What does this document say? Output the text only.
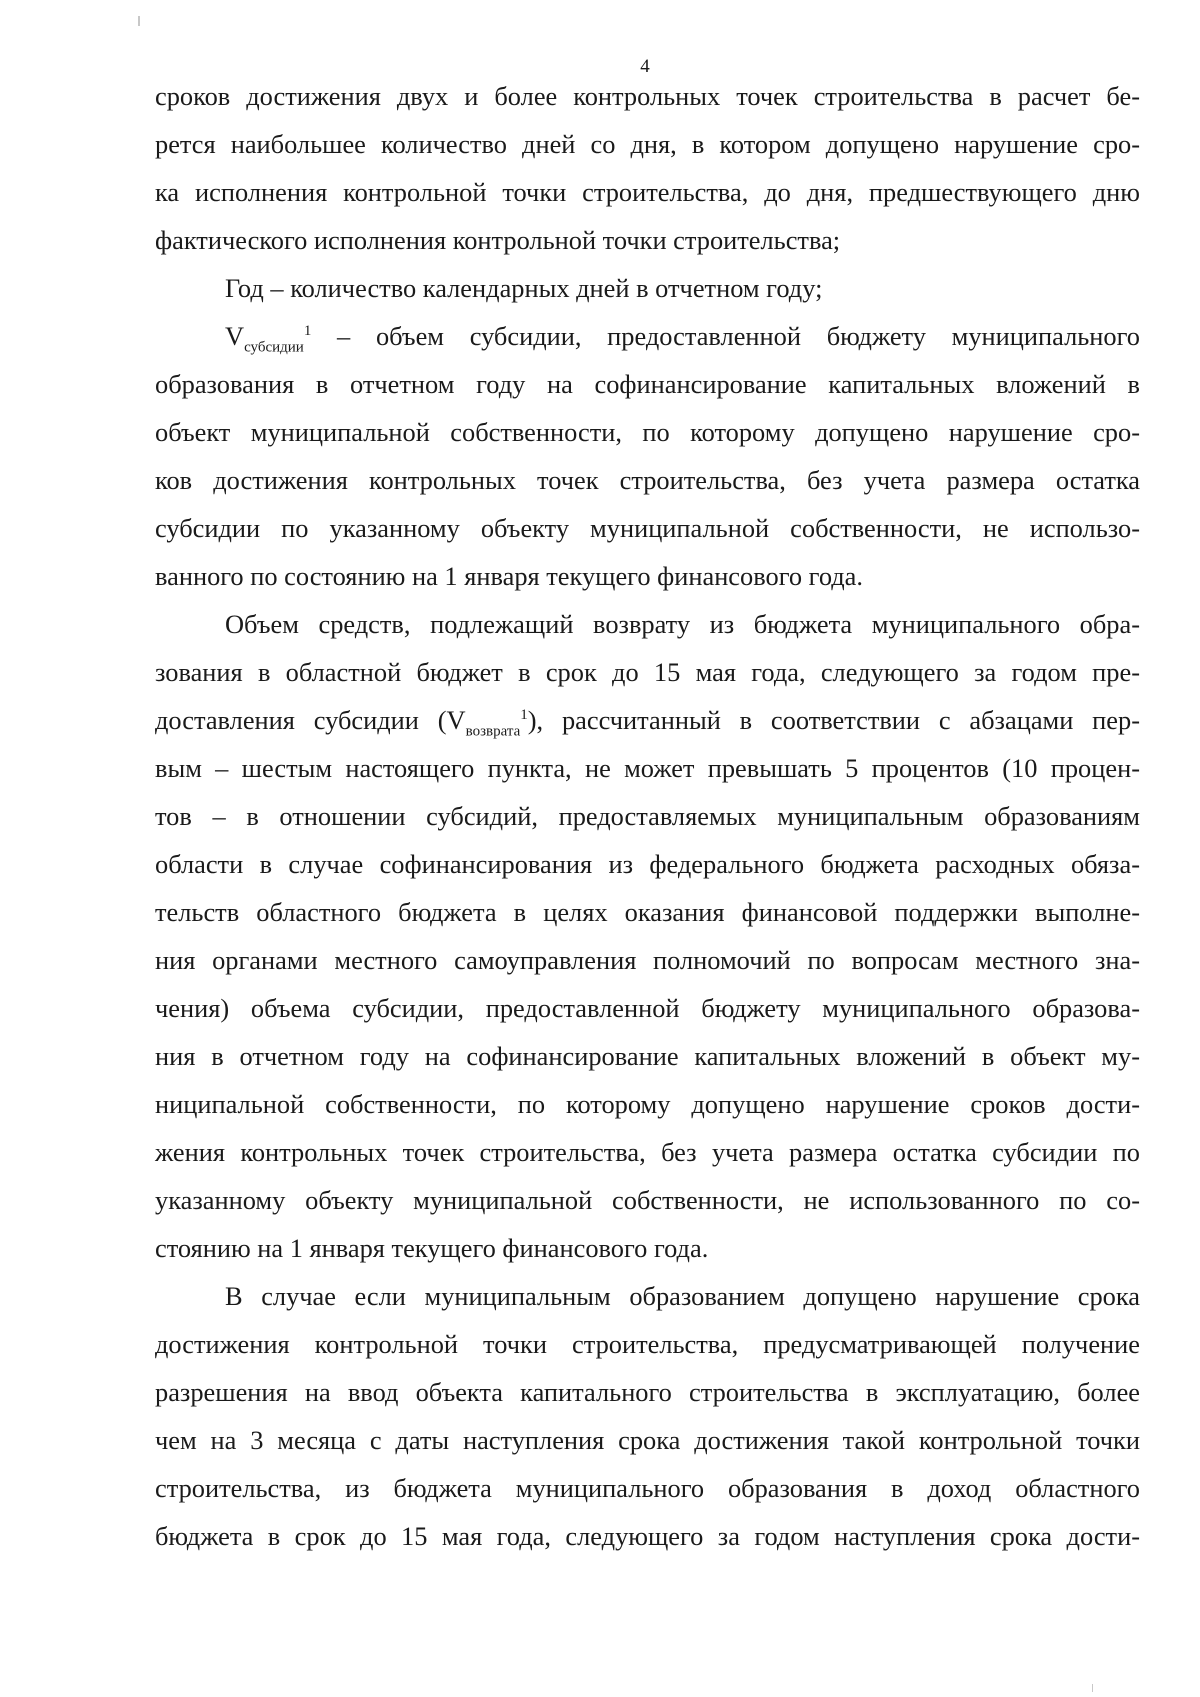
4

сроков достижения двух и более контрольных точек строительства в расчет бе-
рется наибольшее количество дней со дня, в котором допущено нарушение сро-
ка исполнения контрольной точки строительства, до дня, предшествующего дню
фактического исполнения контрольной точки строительства;

Год – количество календарных дней в отчетном году;

$V_{субсидии}^1$ – объем субсидии, предоставленной бюджету муниципального
образования в отчетном году на софинансирование капитальных вложений в
объект муниципальной собственности, по которому допущено нарушение сро-
ков достижения контрольных точек строительства, без учета размера остатка
субсидии по указанному объекту муниципальной собственности, не использо-
ванного по состоянию на 1 января текущего финансового года.

Объем средств, подлежащий возврату из бюджета муниципального обра-
зования в областной бюджет в срок до 15 мая года, следующего за годом пре-
доставления субсидии $(V_{возврата}^1)$, рассчитанный в соответствии с абзацами пер-
вым – шестым настоящего пункта, не может превышать 5 процентов (10 процен-
тов – в отношении субсидий, предоставляемых муниципальным образованиям
области в случае софинансирования из федерального бюджета расходных обяза-
тельств областного бюджета в целях оказания финансовой поддержки выполне-
ния органами местного самоуправления полномочий по вопросам местного зна-
чения) объема субсидии, предоставленной бюджету муниципального образова-
ния в отчетном году на софинансирование капитальных вложений в объект му-
ниципальной собственности, по которому допущено нарушение сроков дости-
жения контрольных точек строительства, без учета размера остатка субсидии по
указанному объекту муниципальной собственности, не использованного по со-
стоянию на 1 января текущего финансового года.

В случае если муниципальным образованием допущено нарушение срока
достижения контрольной точки строительства, предусматривающей получение
разрешения на ввод объекта капитального строительства в эксплуатацию, более
чем на 3 месяца с даты наступления срока достижения такой контрольной точки
строительства, из бюджета муниципального образования в доход областного
бюджета в срок до 15 мая года, следующего за годом наступления срока дости-
